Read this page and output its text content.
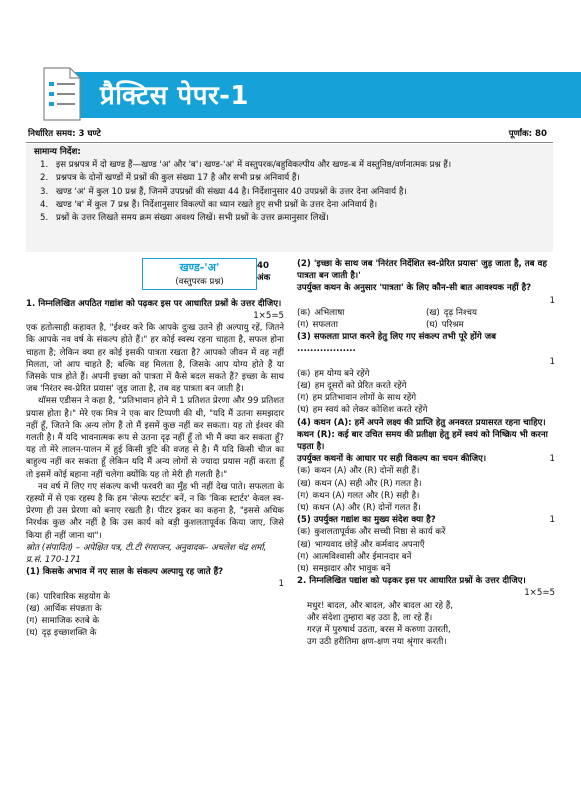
प्रैक्टिस पेपर-1
निर्धारित समय: 3 घण्टे	पूर्णांक: 80
सामान्य निर्देश:
1. इस प्रश्नपत्र में दो खण्ड हैं—खण्ड 'अ' और 'ब'। खण्ड-'अ' में वस्तुपरक/बहुविकल्पीय और खण्ड-ब में वस्तुनिष्ठ/वर्णनात्मक प्रश्न हैं।
2. प्रश्नपत्र के दोनों खण्डों में प्रश्नों की कुल संख्या 17 है और सभी प्रश्न अनिवार्य हैं।
3. खण्ड 'अ' में कुल 10 प्रश्न हैं, जिनमें उपप्रश्नों की संख्या 44 है। निर्देशानुसार 40 उपप्रश्नों के उत्तर देना अनिवार्य है।
4. खण्ड 'ब' में कुल 7 प्रश्न हैं। निर्देशानुसार विकल्पों का ध्यान रखते हुए सभी प्रश्नों के उत्तर देना अनिवार्य है।
5. प्रश्नों के उत्तर लिखते समय क्रम संख्या अवश्य लिखें। सभी प्रश्नों के उत्तर क्रमानुसार लिखें।
खण्ड-'अ'
(वस्तुपरक प्रश्न)
40 अंक
1. निम्नलिखित अपठित गद्यांश को पढ़कर इस पर आधारित प्रश्नों के उत्तर दीजिए।
1×5=5
एक हतोत्साही कहावत है, "ईश्वर करे कि आपके दुःख उतने ही अल्पायु रहें, जितने कि आपके नव वर्ष के संकल्प होते हैं।" हर कोई स्वस्थ रहना चाहता है, सफल होना चाहता है; लेकिन क्या हर कोई इसकी पात्रता रखता है? आपको जीवन में वह नहीं मिलता, जो आप चाहते हैं; बल्कि वह मिलता है, जिसके आप योग्य होते हैं या जिसके पात्र होते हैं। अपनी इच्छा को पात्रता में कैसे बदल सकते हैं? इच्छा के साथ जब 'निरंतर स्व-प्रेरित प्रयास' जुड़ जाता है, तब वह पात्रता बन जाती है।
थॉमस एडीसन ने कहा है, "प्रतिभावान होने में 1 प्रतिशत प्रेरणा और 99 प्रतिशत प्रयास होता है।" मेरे एक मित्र ने एक बार टिप्पणी की थी, "यदि मैं उतना समझदार नहीं हूँ, जितने कि अन्य लोग हैं तो मैं इसमें कुछ नहीं कर सकता। यह तो ईश्वर की गलती है। मैं यदि भावनात्मक रूप से उतना दृढ़ नहीं हूँ तो भी मैं क्या कर सकता हूँ? यह तो मेरे लालन-पालन में हुई किसी त्रुटि की वजह से है। मैं यदि किसी चीज का बाहुल्य नहीं कर सकता हूँ लेकिन यदि मैं अन्य लोगों से ज्यादा प्रयास नहीं करता हूँ तो इसमें कोई बहाना नहीं चलेगा क्योंकि यह तो मेरी ही गलती है।"
नव वर्ष में लिए गए संकल्प कभी फरवरी का मुँह भी नहीं देख पाते। सफलता के रहस्यों में से एक रहस्य है कि हम 'सेल्फ स्टार्टर' बनें, न कि 'किक स्टार्टर' केवल स्व-प्रेरणा ही उस प्रेरणा को बनाए रखती है। पीटर ड्रकर का कहना है, "इससे अधिक निरर्थक कुछ और नहीं है कि उस कार्य को बड़ी कुशलतापूर्वक किया जाए, जिसे किया ही नहीं जाना था"।
स्रोत (संपादित) – अपेक्षित पत्र, टी.टी रंगराजन, अनुवादक– अचलेश चंद्र शर्मा, प्र.सं. 170-171
(1) किसके अभाव में नए साल के संकल्प अल्पायु रह जाते हैं?
1
(क) पारिवारिक सहयोग के
(ख) आर्थिक संपन्नता के
(ग) सामाजिक रुतबे के
(घ) दृढ़ इच्छाशक्ति के
(2) 'इच्छा के साथ जब 'निरंतर निर्देशित स्व-प्रेरित प्रयास' जुड़ जाता है, तब वह पात्रता बन जाती है।'
उपर्युक्त कथन के अनुसार 'पात्रता' के लिए कौन-सी बात आवश्यक नहीं है?
1
(क) अभिलाषा	(ख) दृढ़ निश्चय
(ग) सफलता	(घ) परिश्रम
(3) सफलता प्राप्त करने हेतु लिए गए संकल्प तभी पूरे होंगे जब ..................
1
(क) हम योग्य बने रहेंगे
(ख) हम दूसरों को प्रेरित करते रहेंगे
(ग) हम प्रतिभावान लोगों के साथ रहेंगे
(घ) हम स्वयं को लेकर कोशिश करते रहेंगे
(4) कथन (A): हमें अपने लक्ष्य की प्राप्ति हेतु अनवरत प्रयासरत रहना चाहिए।
कथन (R): कई बार उचित समय की प्रतीक्षा हेतु हमें स्वयं को निष्क्रिय भी करना पड़ता है।
उपर्युक्त कथनों के आधार पर सही विकल्प का चयन कीजिए।	1
(क) कथन (A) और (R) दोनों सही हैं।
(ख) कथन (A) सही और (R) गलत है।
(ग) कथन (A) गलत और (R) सही है।
(घ) कथन (A) और (R) दोनों गलत हैं।
(5) उपर्युक्त गद्यांश का मुख्य संदेश क्या है?	1
(क) कुशलतापूर्वक और सच्ची निष्ठा से कार्य करें
(ख) भाग्यवाद छोड़ें और कर्मवाद अपनाएँ
(ग) आत्मविश्वासी और ईमानदार बनें
(घ) समझदार और भावुक बनें
2. निम्नलिखित पद्यांश को पढ़कर इस पर आधारित प्रश्नों के उत्तर दीजिए।
1×5=5
मधुर! बादल, और बादल, और बादल आ रहे हैं,
और संदेशा तुम्हारा बह उठा है, ला रहे हैं।
गरज़ में पुरुषार्थ उठता, बरस में करुणा उतरती,
उग उठी हरीतिमा क्षण-क्षण नया श्रृंगार करती।
